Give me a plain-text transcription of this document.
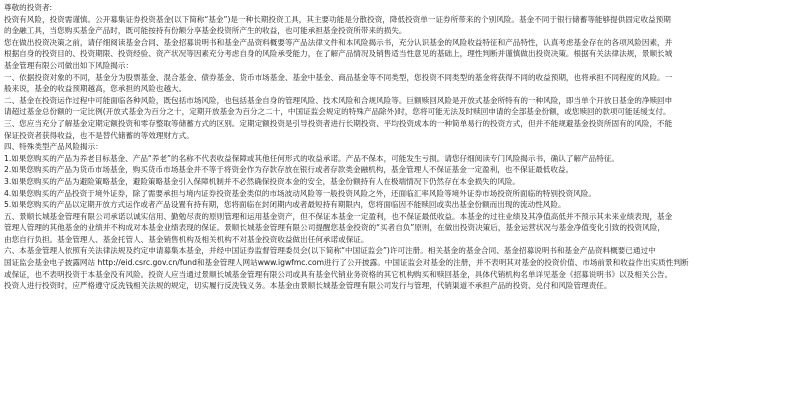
尊敬的投资者:
投资有风险，投资需谨慎。公开募集证券投资基金(以下简称“基金”)是一种长期投资工具，其主要功能是分散投资，降低投资单一证券所带来的个别风险。基金不同于银行储蓄等能够提供固定收益预期
的金融工具，当您购买基金产品时，既可能按持有份额分享基金投资所产生的收益，也可能承担基金投资所带来的损失。
您在做出投资决策之前，请仔细阅读基金合同、基金招募说明书和基金产品资料概要等产品法律文件和本风险揭示书，充分认识基金的风险收益特征和产品特性，认真考虑基金存在的各项风险因素，并
根据自身的投资目的、投资期限、投资经验、资产状况等因素充分考虑自身的风险承受能力，在了解产品情况及销售适当性意见的基础上，理性判断并谨慎做出投资决策。根据有关法律法规，景顺长城
基金管理有限公司做出如下风险揭示：
一、依据投资对象的不同，基金分为股票基金、混合基金、债券基金、货币市场基金、基金中基金、商品基金等不同类型，您投资不同类型的基金将获得不同的收益预期，也将承担不同程度的风险。一
般来说，基金的收益预期越高，您承担的风险也越大。
二、基金在投资运作过程中可能面临各种风险，既包括市场风险，也包括基金自身的管理风险、技术风险和合规风险等。巨额赎回风险是开放式基金所特有的一种风险，即当单个开放日基金的净赎回申
请超过基金总份额的一定比例(开放式基金为百分之十，定期开放基金为百分之二十，中国证监会规定的特殊产品除外)时，您将可能无法及时赎回申请的全部基金份额，或您赎回的款项可能延缓支付。
三、您应当充分了解基金定期定额投资和零存整取等储蓄方式的区别。定期定额投资是引导投资者进行长期投资、平均投资成本的一种简单易行的投资方式，但并不能规避基金投资所固有的风险，不能
保证投资者获得收益，也不是替代储蓄的等效理财方式。
四、特殊类型产品风险揭示：
1.如果您购买的产品为养老目标基金、产品“养老”的名称不代表收益保障或其他任何形式的收益承诺。产品不保本，可能发生亏损。请您仔细阅读专门风险揭示书，确认了解产品特征。
2.如果您购买的产品为货币市场基金，购买货币市场基金并不等于将资金作为存款存放在银行或者存款类金融机构，基金管理人不保证基金一定盈利，也不保证最低收益。
3.如果您购买的产品为避险策略基金，避险策略基金引入保障机制并不必然确保投资本金的安全，基金份额持有人在极端情况下仍然存在本金损失的风险。
4.如果您购买的产品投资于境外证券，除了需要承担与境内证券投资基金类似的市场波动风险等一般投资风险之外，还面临汇率风险等境外证券市场投资所面临的特别投资风险。
5.如果您购买的产品以定期开放方式运作或者产品设置有持有期，您将面临在封闭期内或者最短持有期限内，您将面临因不能赎回或卖出基金份额而出现的流动性风险。
五、景顺长城基金管理有限公司承诺以诚实信用、勤勉尽责的原则管理和运用基金资产，但不保证本基金一定盈利，也不保证最低收益。本基金的过往业绩及其净值高低并不预示其未来业绩表现，基金
管理人管理的其他基金的业绩并不构成对本基金业绩表现的保证。景顺长城基金管理有限公司提醒您基金投资的“买者自负”原则，在做出投资决策后，基金运营状况与基金净值变化引致的投资风险，
由您自行负担。基金管理人、基金托管人、基金销售机构及相关机构不对基金投资收益做出任何承诺或保证。
六、本基金管理人依照有关法律法规及约定申请募集本基金，并经中国证券监督管理委员会(以下简称“中国证监会”)许可注册。相关基金的基金合同、基金招募说明书和基金产品资料概要已通过中
国证监会基金电子披露网站 http://eid.csrc.gov.cn/fund和基金管理人网站www.igwfmc.com进行了公开披露。中国证监会对基金的注册，并不表明其对基金的投资价值、市场前景和收益作出实质性判断
或保证，也不表明投资于本基金没有风险。投资人应当通过景顺长城基金管理有限公司或具有基金代销业务资格的其它机构购买和赎回基金，具体代销机构名单详见基金《招募说明书》以及相关公告。
投资人进行投资时，应严格遵守反洗钱相关法规的规定，切实履行反洗钱义务。本基金由景顺长城基金管理有限公司发行与管理，代销渠道不承担产品的投资、兑付和风险管理责任。
